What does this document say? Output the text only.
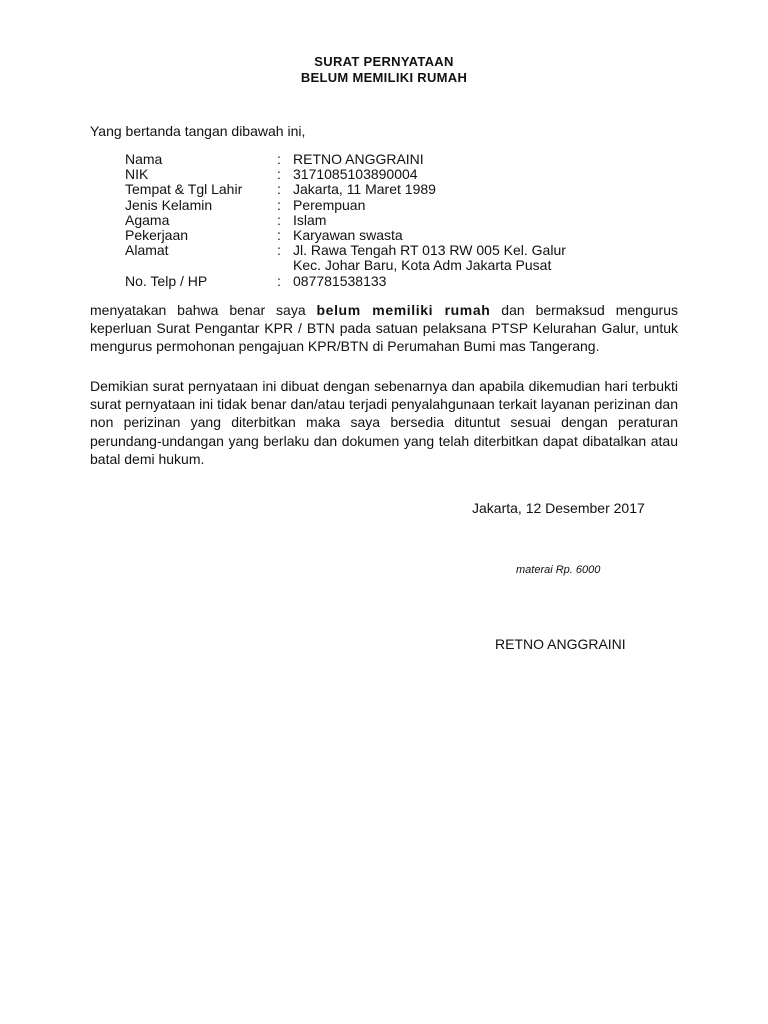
SURAT PERNYATAAN
BELUM MEMILIKI RUMAH
Yang bertanda tangan dibawah ini,
Nama	: RETNO ANGGRAINI
NIK	: 3171085103890004
Tempat & Tgl Lahir	: Jakarta, 11 Maret 1989
Jenis Kelamin	: Perempuan
Agama	: Islam
Pekerjaan	: Karyawan swasta
Alamat	: Jl. Rawa Tengah RT 013 RW 005 Kel. Galur
Kec. Johar Baru, Kota Adm Jakarta Pusat
No. Telp / HP	: 087781538133

menyatakan bahwa benar saya belum memiliki rumah dan bermaksud mengurus keperluan Surat Pengantar KPR / BTN pada satuan pelaksana PTSP Kelurahan Galur, untuk mengurus permohonan pengajuan KPR/BTN di Perumahan Bumi mas Tangerang.

Demikian surat pernyataan ini dibuat dengan sebenarnya dan apabila dikemudian hari terbukti surat pernyataan ini tidak benar dan/atau terjadi penyalahgunaan terkait layanan perizinan dan non perizinan yang diterbitkan maka saya bersedia dituntut sesuai dengan peraturan perundang-undangan yang berlaku dan dokumen yang telah diterbitkan dapat dibatalkan atau batal demi hukum.

Jakarta, 12 Desember 2017
materai Rp. 6000
RETNO ANGGRAINI
